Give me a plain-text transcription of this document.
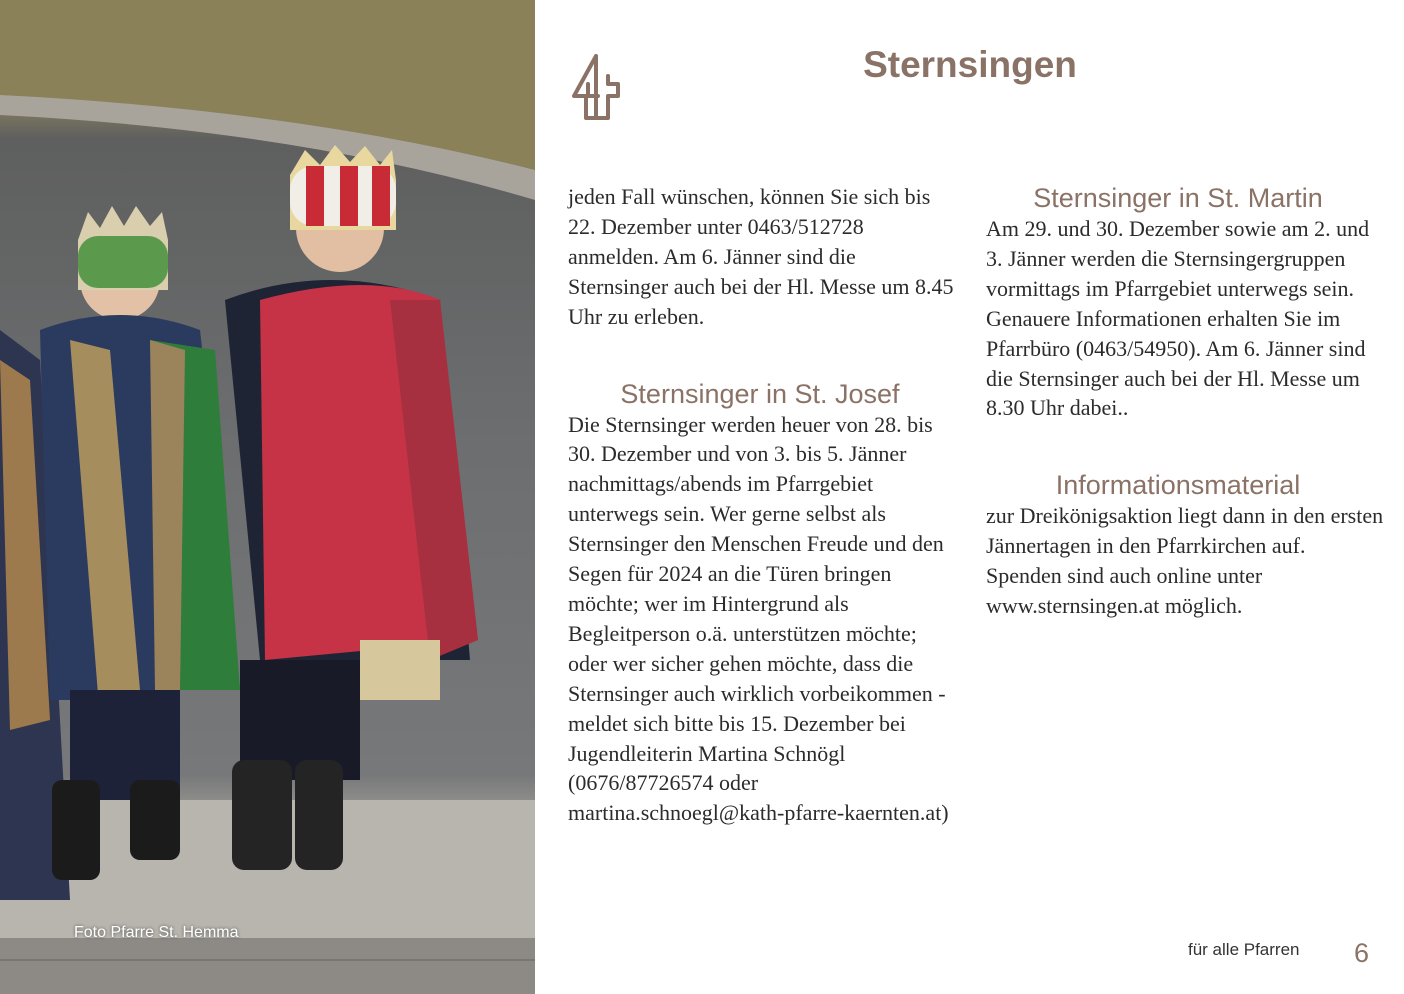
Foto Pfarre St. Hemma
Sternsingen

jeden Fall wünschen, können Sie sich bis 22. Dezember unter 0463/512728 anmelden. Am 6. Jänner sind die Sternsinger auch bei der Hl. Messe um 8.45 Uhr zu erleben.

Sternsinger in St. Josef

Die Sternsinger werden heuer von 28. bis 30. Dezember und von 3. bis 5. Jänner nachmittags/abends im Pfarrgebiet unterwegs sein. Wer gerne selbst als Sternsinger den Menschen Freude und den Segen für 2024 an die Türen bringen möchte; wer im Hintergrund als Begleitperson o.ä. unterstützen möchte; oder wer sicher gehen möchte, dass die Sternsinger auch wirklich vorbeikommen - meldet sich bitte bis 15. Dezember bei Jugendleiterin Martina Schnögl (0676/87726574 oder martina.schnoegl@kath-pfarre-kaernten.at)

Sternsinger in St. Martin

Am 29. und 30. Dezember sowie am 2. und 3. Jänner werden die Sternsingergruppen vormittags im Pfarrgebiet unterwegs sein. Genauere Informationen erhalten Sie im Pfarrbüro (0463/54950). Am 6. Jänner sind die Sternsinger auch bei der Hl. Messe um 8.30 Uhr dabei..

Informationsmaterial

zur Dreikönigsaktion liegt dann in den ersten Jännertagen in den Pfarrkirchen auf. Spenden sind auch online unter www.sternsingen.at möglich.

für alle Pfarren 6
